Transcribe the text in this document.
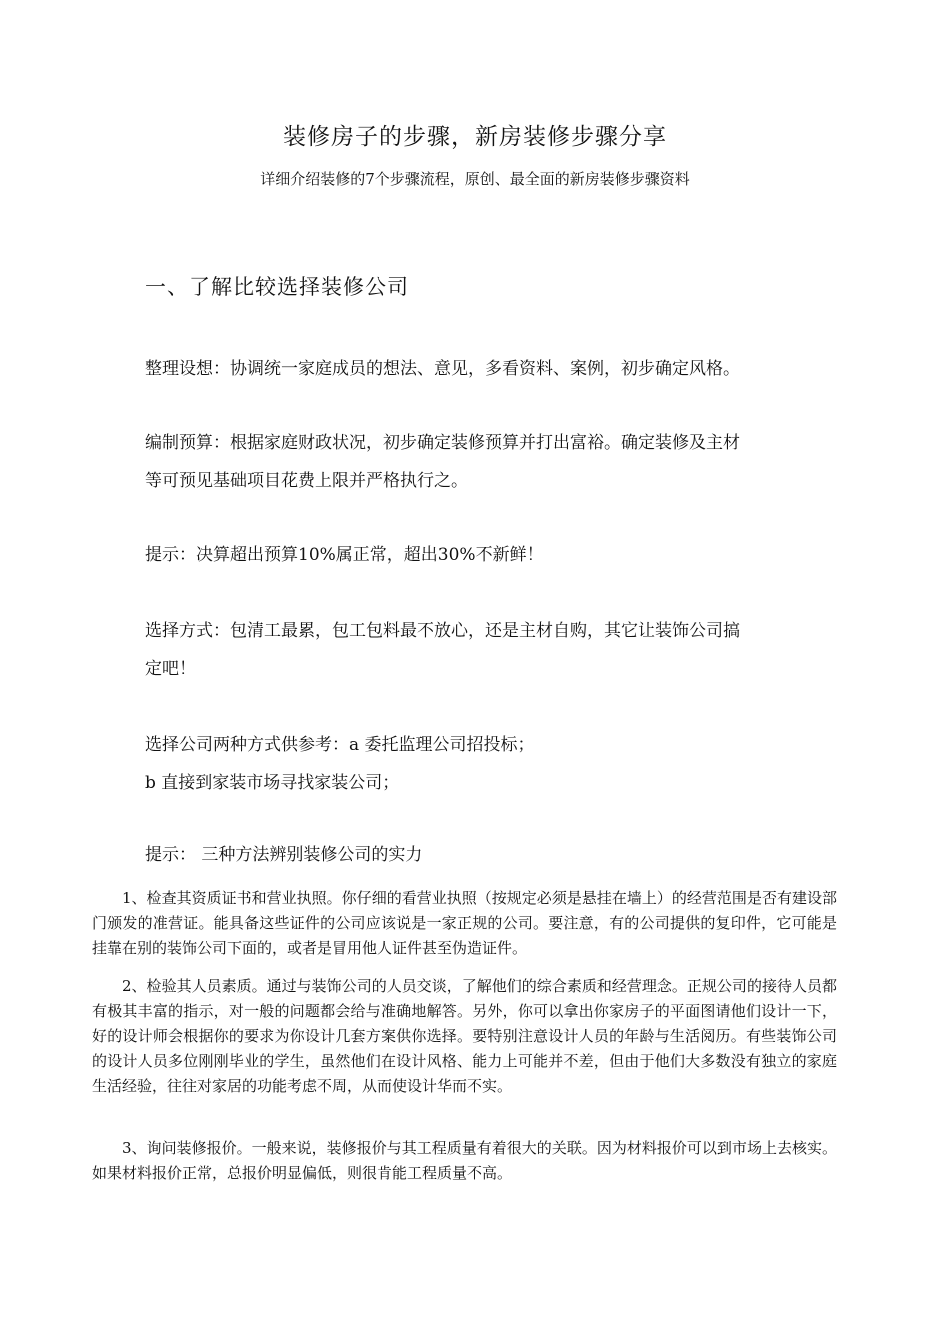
装修房子的步骤，新房装修步骤分享
详细介绍装修的7个步骤流程，原创、最全面的新房装修步骤资料
一、了解比较选择装修公司
整理设想：协调统一家庭成员的想法、意见，多看资料、案例，初步确定风格。
编制预算：根据家庭财政状况，初步确定装修预算并打出富裕。确定装修及主材
等可预见基础项目花费上限并严格执行之。
提示：决算超出预算10%属正常，超出30%不新鲜！
选择方式：包清工最累，包工包料最不放心，还是主材自购，其它让装饰公司搞
定吧！
选择公司两种方式供参考：a 委托监理公司招投标；
b 直接到家装市场寻找家装公司；
提示： 三种方法辨别装修公司的实力
1、检查其资质证书和营业执照。你仔细的看营业执照（按规定必须是悬挂在墙上）的经营范围是否有建设部门颁发的准营证。能具备这些证件的公司应该说是一家正规的公司。要注意，有的公司提供的复印件，它可能是挂靠在别的装饰公司下面的，或者是冒用他人证件甚至伪造证件。
2、检验其人员素质。通过与装饰公司的人员交谈，了解他们的综合素质和经营理念。正规公司的接待人员都有极其丰富的指示，对一般的问题都会给与准确地解答。另外，你可以拿出你家房子的平面图请他们设计一下，好的设计师会根据你的要求为你设计几套方案供你选择。要特别注意设计人员的年龄与生活阅历。有些装饰公司的设计人员多位刚刚毕业的学生，虽然他们在设计风格、能力上可能并不差，但由于他们大多数没有独立的家庭生活经验，往往对家居的功能考虑不周，从而使设计华而不实。
3、询问装修报价。一般来说，装修报价与其工程质量有着很大的关联。因为材料报价可以到市场上去核实。如果材料报价正常，总报价明显偏低，则很肯能工程质量不高。
